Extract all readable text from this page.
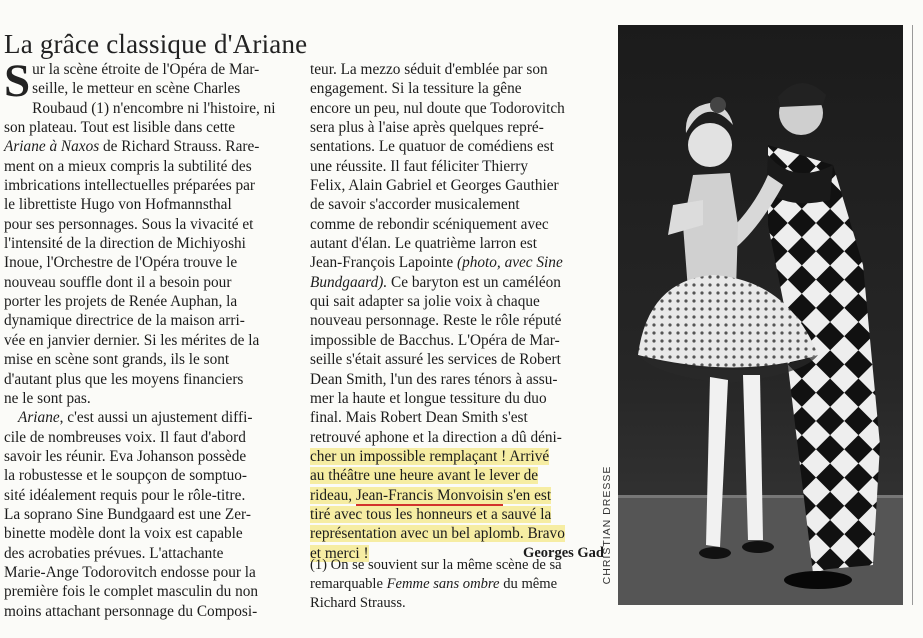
La grâce classique d'Ariane

S ur la scène étroite de l'Opéra de Mar-
seille, le metteur en scène Charles
Roubaud (1) n'encombre ni l'histoire, ni
son plateau. Tout est lisible dans cette
Ariane à Naxos de Richard Strauss. Rare-
ment on a mieux compris la subtilité des
imbrications intellectuelles préparées par
le librettiste Hugo von Hofmannsthal
pour ses personnages. Sous la vivacité et
l'intensité de la direction de Michiyoshi
Inoue, l'Orchestre de l'Opéra trouve le
nouveau souffle dont il a besoin pour
porter les projets de Renée Auphan, la
dynamique directrice de la maison arri-
vée en janvier dernier. Si les mérites de la
mise en scène sont grands, ils le sont
d'autant plus que les moyens financiers
ne le sont pas.

Ariane, c'est aussi un ajustement diffi-
cile de nombreuses voix. Il faut d'abord
savoir les réunir. Eva Johanson possède
la robustesse et le soupçon de somptuo-
sité idéalement requis pour le rôle-titre.
La soprano Sine Bundgaard est une Zer-
binette modèle dont la voix est capable
des acrobaties prévues. L'attachante
Marie-Ange Todorovitch endosse pour la
première fois le complet masculin du non
moins attachant personnage du Composi-

teur. La mezzo séduit d'emblée par son
engagement. Si la tessiture la gêne
encore un peu, nul doute que Todorovitch
sera plus à l'aise après quelques repré-
sentations. Le quatuor de comédiens est
une réussite. Il faut féliciter Thierry
Felix, Alain Gabriel et Georges Gauthier
de savoir s'accorder musicalement
comme de rebondir scéniquement avec
autant d'élan. Le quatrième larron est
Jean-François Lapointe (photo, avec Sine
Bundgaard). Ce baryton est un caméléon
qui sait adapter sa jolie voix à chaque
nouveau personnage. Reste le rôle réputé
impossible de Bacchus. L'Opéra de Mar-
seille s'était assuré les services de Robert
Dean Smith, l'un des rares ténors à assu-
mer la haute et longue tessiture du duo
final. Mais Robert Dean Smith s'est
retrouvé aphone et la direction a dû déni-
cher un impossible remplaçant ! Arrivé
au théâtre une heure avant le lever de
rideau, Jean-Francis Monvoisin s'en est
tiré avec tous les honneurs et a sauvé la
représentation avec un bel aplomb. Bravo
et merci !	Georges Gad

(1) On se souvient sur la même scène de sa remarquable Femme sans ombre du même Richard Strauss.
CHRISTIAN DRESSE
